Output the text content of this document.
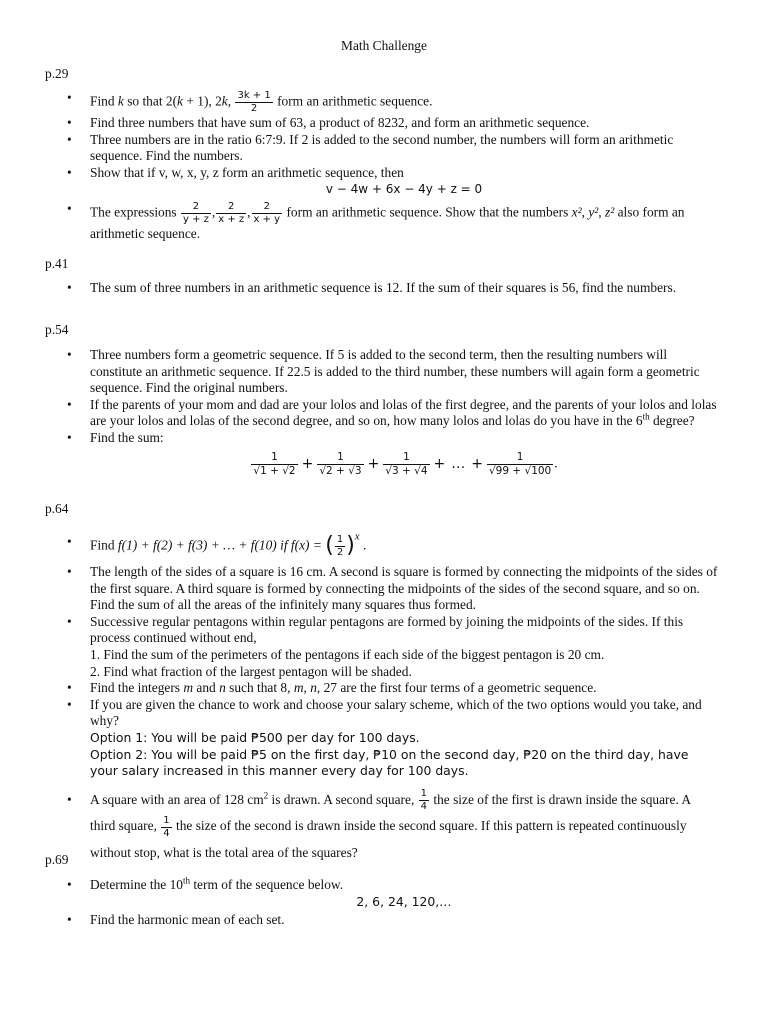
Math Challenge
p.29
• Find k so that 2(k + 1), 2k, $\frac{3k + 1}{2}$ form an arithmetic sequence.
• Find three numbers that have sum of 63, a product of 8232, and form an arithmetic sequence.
• Three numbers are in the ratio 6:7:9. If 2 is added to the second number, the numbers will form an arithmetic sequence. Find the numbers.
• Show that if v, w, x, y, z form an arithmetic sequence, then
v − 4w + 6x − 4y + z = 0
• The expressions $\frac{2}{y + z}$ , $\frac{2}{x + z}$ , $\frac{2}{x + y}$ form an arithmetic sequence. Show that the numbers x², y², z² also form an arithmetic sequence.
p.41
• The sum of three numbers in an arithmetic sequence is 12. If the sum of their squares is 56, find the numbers.
p.54
• Three numbers form a geometric sequence. If 5 is added to the second term, then the resulting numbers will constitute an arithmetic sequence. If 22.5 is added to the third number, these numbers will again form a geometric sequence. Find the original numbers.
• If the parents of your mom and dad are your lolos and lolas of the first degree, and the parents of your lolos and lolas are your lolos and lolas of the second degree, and so on, how many lolos and lolas do you have in the 6th degree?
• Find the sum:
$\frac{1}{√1 + √2} + \frac{1}{√2 + √3} + \frac{1}{√3 + √4}$ + … + $\frac{1}{√99 + √100}$ .
p.64
• Find f(1) + f(2) + f(3) + … + f(10) if f(x) = ( $\frac{1}{2} )^x$ .
• The length of the sides of a square is 16 cm. A second is square is formed by connecting the midpoints of the sides of the first square. A third square is formed by connecting the midpoints of the sides of the second square, and so on. Find the sum of all the areas of the infinitely many squares thus formed.
• Successive regular pentagons within regular pentagons are formed by joining the midpoints of the sides. If this process continued without end,
1. Find the sum of the perimeters of the pentagons if each side of the biggest pentagon is 20 cm.
2. Find what fraction of the largest pentagon will be shaded.
• Find the integers m and n such that 8, m, n, 27 are the first four terms of a geometric sequence.
• If you are given the chance to work and choose your salary scheme, which of the two options would you take, and why?
Option 1: You will be paid ₱500 per day for 100 days.
Option 2: You will be paid ₱5 on the first day, ₱10 on the second day, ₱20 on the third day, have your salary increased in this manner every day for 100 days.
• A square with an area of 128 $cm^2$ is drawn. A second square, $\frac{1}{4}$ the size of the first is drawn inside the square. A third square, $\frac{1}{4}$ the size of the second is drawn inside the second square. If this pattern is repeated continuously without stop, what is the total area of the squares?
p.69
• Determine the 10th term of the sequence below.
2, 6, 24, 120,…
• Find the harmonic mean of each set.
